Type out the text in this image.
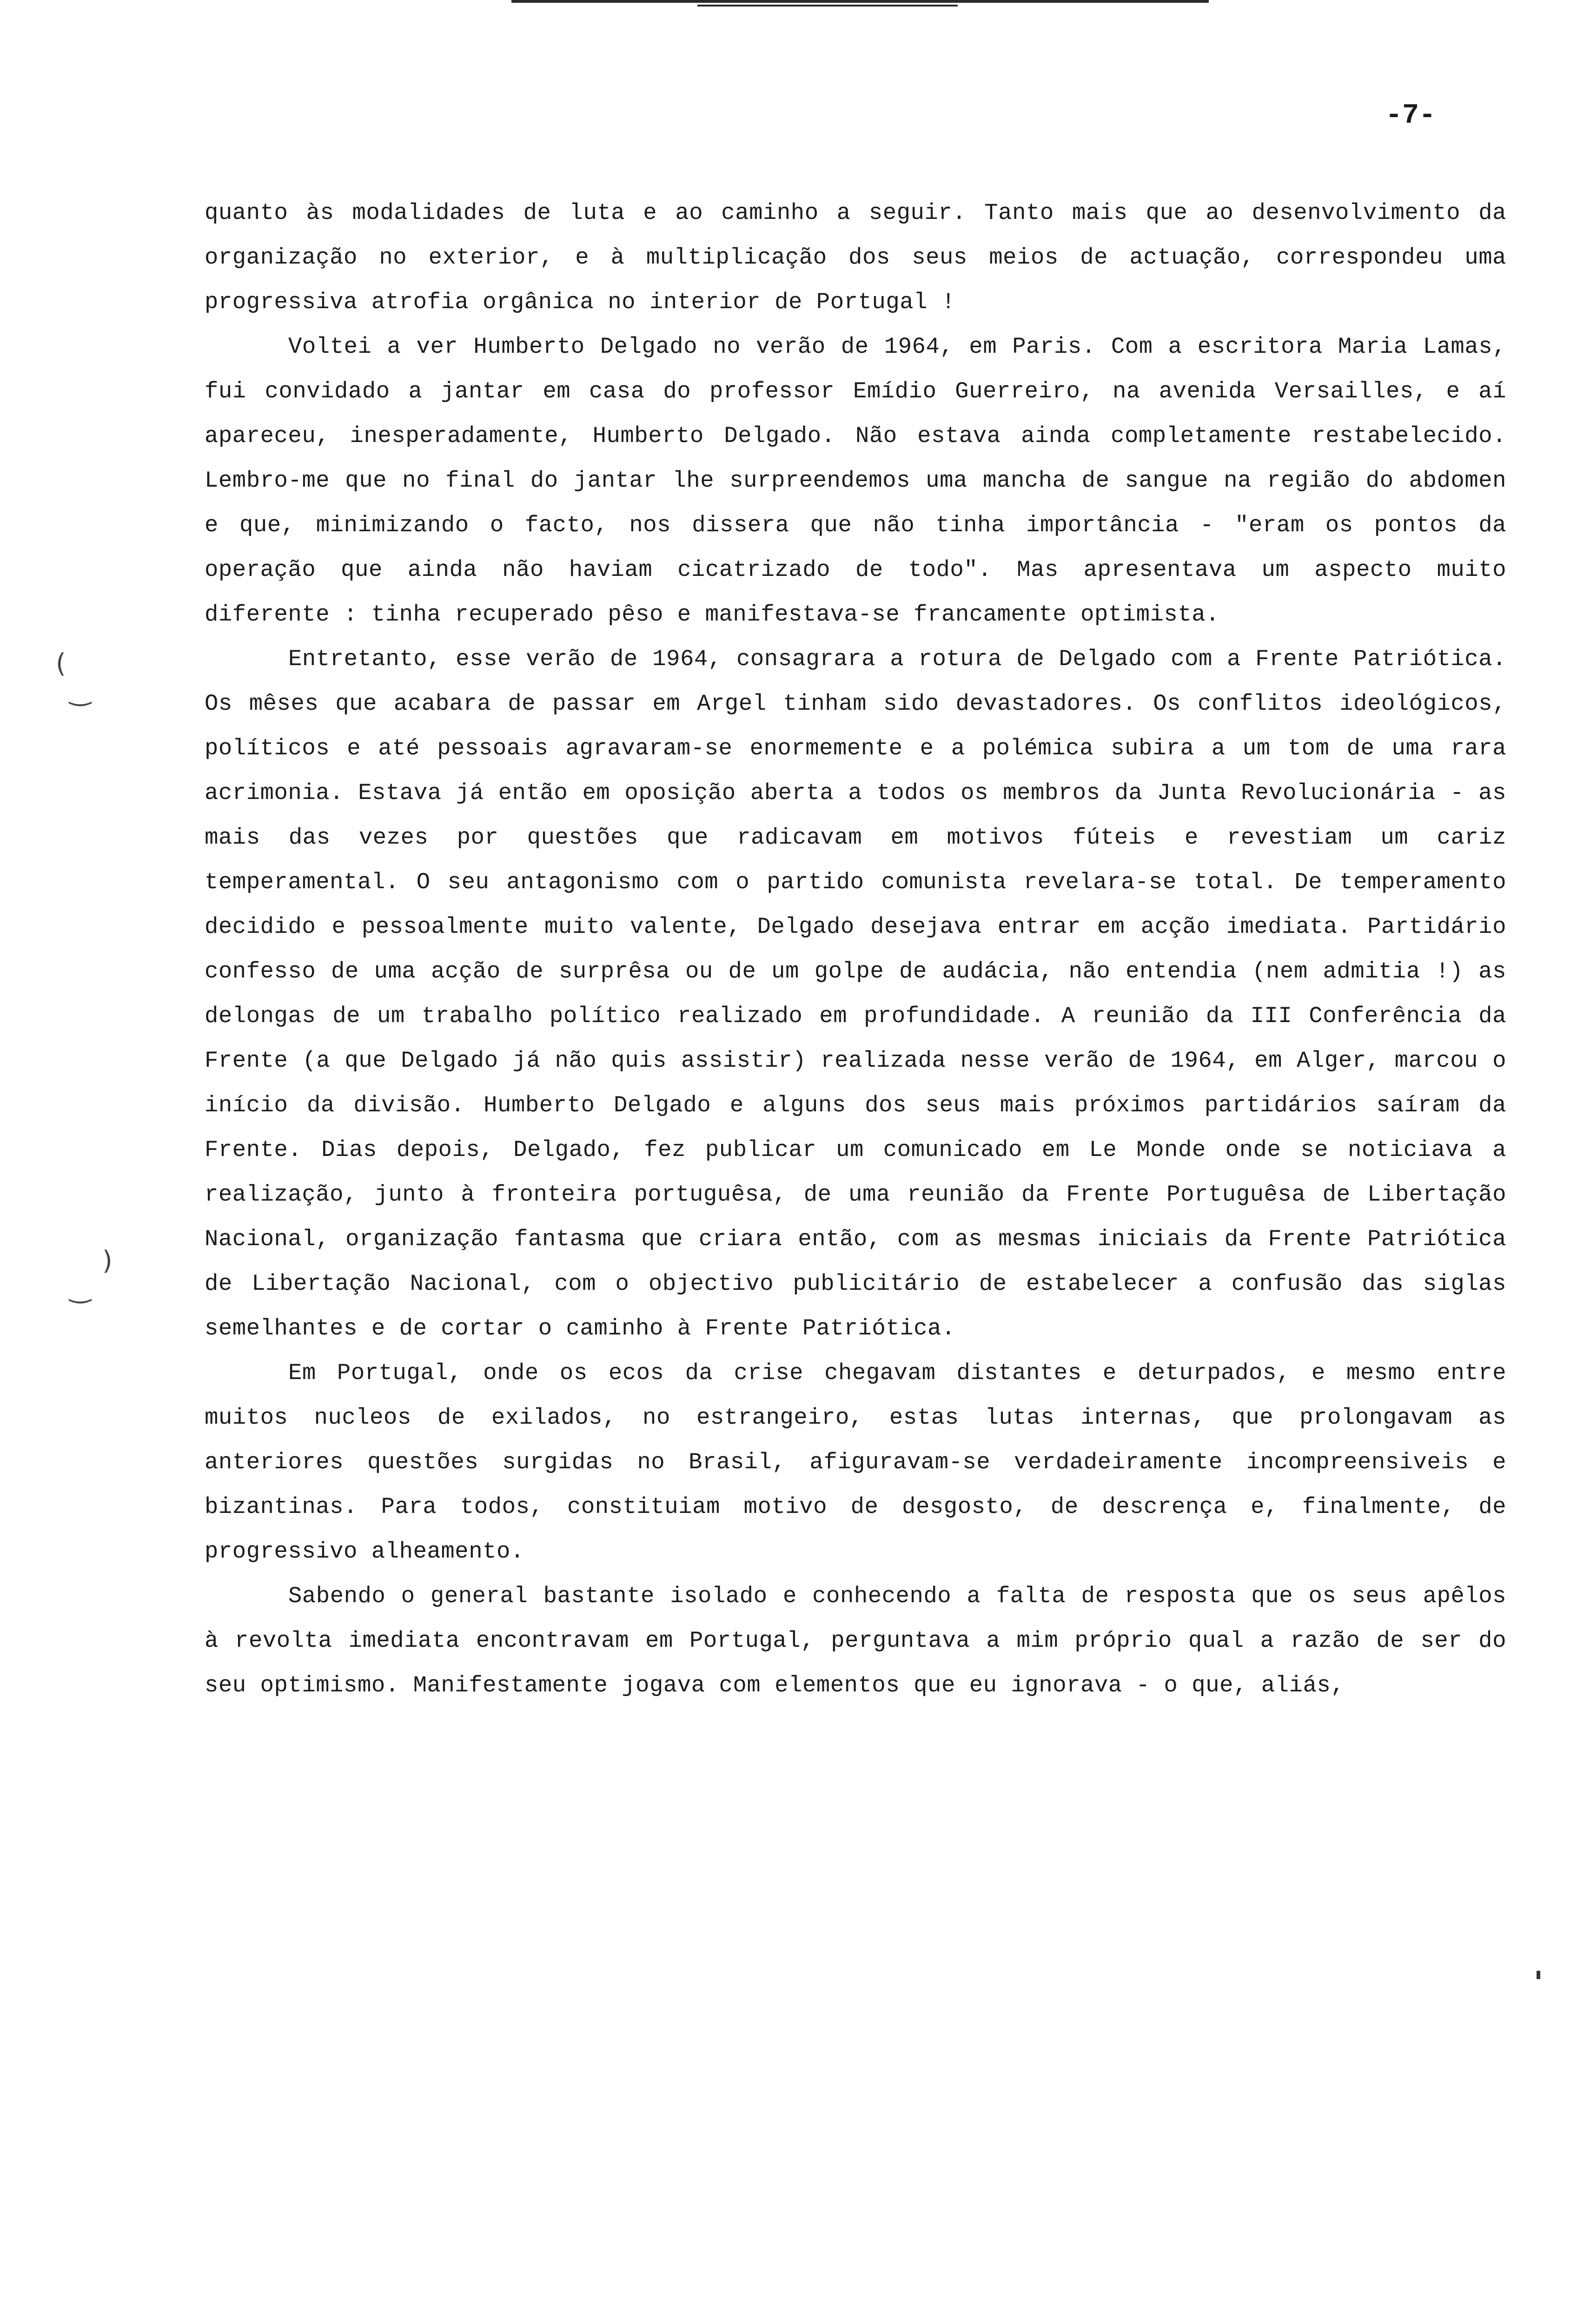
-7-
(
‿
)
‿

quanto às modalidades de luta e ao caminho a seguir. Tanto mais que ao desenvolvimento da organização no exterior, e à multiplicação dos seus meios de actuação, correspondeu uma progressiva atrofia orgânica no interior de Portugal !

Voltei a ver Humberto Delgado no verão de 1964, em Paris. Com a escritora Maria Lamas, fui convidado a jantar em casa do professor Emídio Guerreiro, na avenida Versailles, e aí apareceu, inesperadamente, Humberto Delgado. Não estava ainda completamente restabelecido. Lembro-me que no final do jantar lhe surpreendemos uma mancha de sangue na região do abdomen e que, minimizando o facto, nos dissera que não tinha importância - "eram os pontos da operação que ainda não haviam cicatrizado de todo". Mas apresentava um aspecto muito diferente : tinha recuperado pêso e manifestava-se francamente optimista.

Entretanto, esse verão de 1964, consagrara a rotura de Delgado com a Frente Patriótica. Os mêses que acabara de passar em Argel tinham sido devastadores. Os conflitos ideológicos, políticos e até pessoais agravaram-se enormemente e a polémica subira a um tom de uma rara acrimonia. Estava já então em oposição aberta a todos os membros da Junta Revolucionária - as mais das vezes por questões que radicavam em motivos fúteis e revestiam um cariz temperamental. O seu antagonismo com o partido comunista revelara-se total. De temperamento decidido e pessoalmente muito valente, Delgado desejava entrar em acção imediata. Partidário confesso de uma acção de surprêsa ou de um golpe de audácia, não entendia (nem admitia !) as delongas de um trabalho político realizado em profundidade. A reunião da III Conferência da Frente (a que Delgado já não quis assistir) realizada nesse verão de 1964, em Alger, marcou o início da divisão. Humberto Delgado e alguns dos seus mais próximos partidários saíram da Frente. Dias depois, Delgado, fez publicar um comunicado em Le Monde onde se noticiava a realização, junto à fronteira portuguêsa, de uma reunião da Frente Portuguêsa de Libertação Nacional, organização fantasma que criara então, com as mesmas iniciais da Frente Patriótica de Libertação Nacional, com o objectivo publicitário de estabelecer a confusão das siglas semelhantes e de cortar o caminho à Frente Patriótica.

Em Portugal, onde os ecos da crise chegavam distantes e deturpados, e mesmo entre muitos nucleos de exilados, no estrangeiro, estas lutas internas, que prolongavam as anteriores questões surgidas no Brasil, afiguravam-se verdadeiramente incompreensiveis e bizantinas. Para todos, constituiam motivo de desgosto, de descrença e, finalmente, de progressivo alheamento.

Sabendo o general bastante isolado e conhecendo a falta de resposta que os seus apêlos à revolta imediata encontravam em Portugal, perguntava a mim próprio qual a razão de ser do seu optimismo. Manifestamente jogava com elementos que eu ignorava - o que, aliás,
